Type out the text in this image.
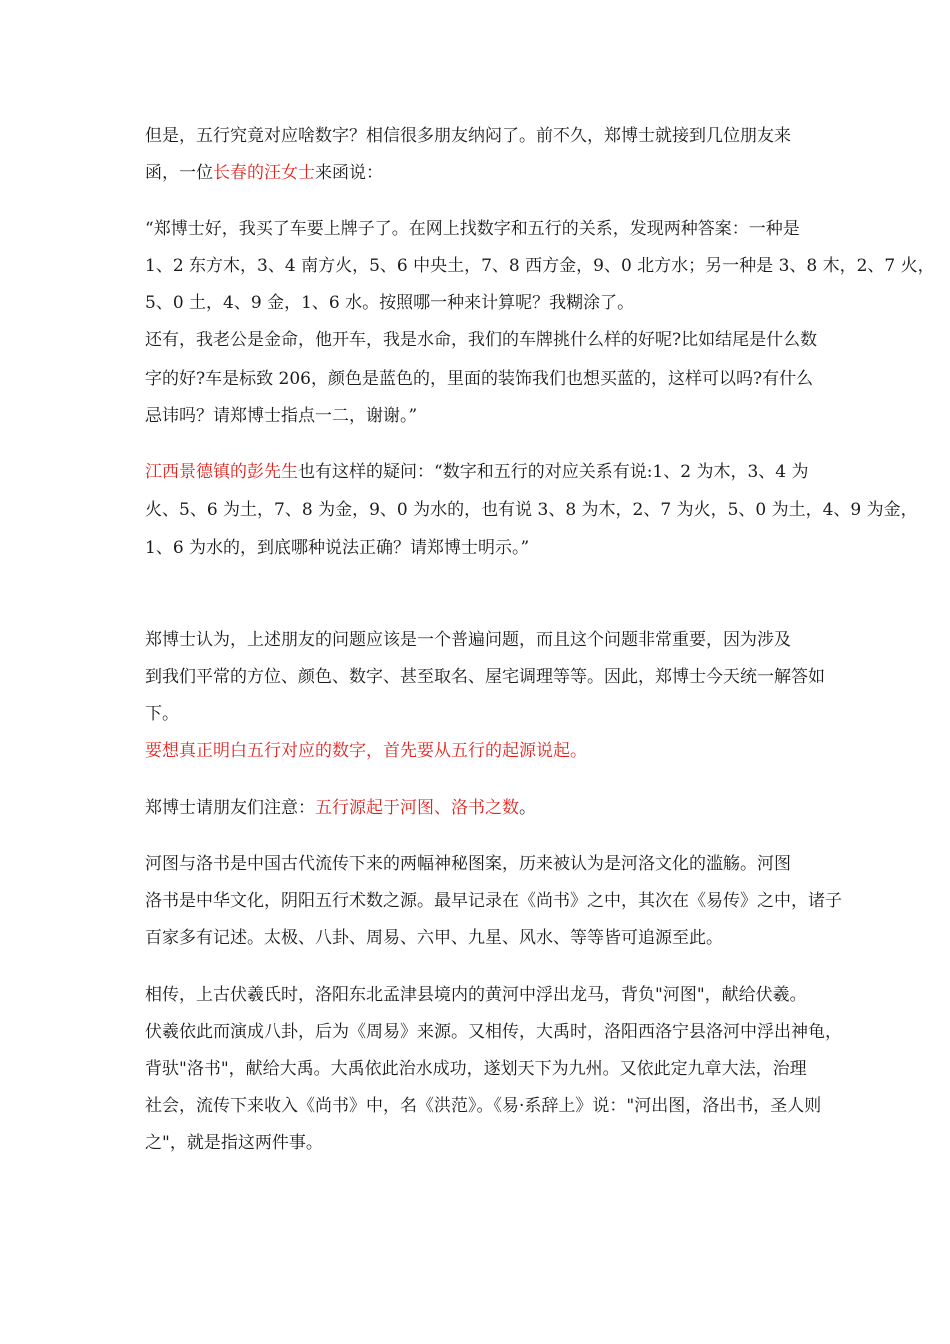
但是，五行究竟对应啥数字？相信很多朋友纳闷了。前不久，郑博士就接到几位朋友来
函，一位长春的汪女士来函说：
“郑博士好，我买了车要上牌子了。在网上找数字和五行的关系，发现两种答案：一种是
1、2 东方木，3、4 南方火，5、6 中央土，7、8 西方金，9、0 北方水；另一种是 3、8 木，2、7 火，
5、0 土，4、9 金，1、6 水。按照哪一种来计算呢？我糊涂了。
还有，我老公是金命，他开车，我是水命，我们的车牌挑什么样的好呢?比如结尾是什么数
字的好?车是标致 206，颜色是蓝色的，里面的装饰我们也想买蓝的，这样可以吗?有什么
忌讳吗？请郑博士指点一二，谢谢。”
江西景德镇的彭先生也有这样的疑问：“数字和五行的对应关系有说:1、2 为木，3、4 为
火、5、6 为土，7、8 为金，9、0 为水的，也有说 3、8 为木，2、7 为火，5、0 为土，4、9 为金，
1、6 为水的，到底哪种说法正确？请郑博士明示。”
郑博士认为，上述朋友的问题应该是一个普遍问题，而且这个问题非常重要，因为涉及
到我们平常的方位、颜色、数字、甚至取名、屋宅调理等等。因此，郑博士今天统一解答如
下。
要想真正明白五行对应的数字，首先要从五行的起源说起。
郑博士请朋友们注意：五行源起于河图、洛书之数。
河图与洛书是中国古代流传下来的两幅神秘图案，历来被认为是河洛文化的滥觞。河图
洛书是中华文化，阴阳五行术数之源。最早记录在《尚书》之中，其次在《易传》之中，诸子
百家多有记述。太极、八卦、周易、六甲、九星、风水、等等皆可追源至此。
相传，上古伏羲氏时，洛阳东北孟津县境内的黄河中浮出龙马，背负"河图"，献给伏羲。
伏羲依此而演成八卦，后为《周易》来源。又相传，大禹时，洛阳西洛宁县洛河中浮出神龟，
背驮"洛书"，献给大禹。大禹依此治水成功，遂划天下为九州。又依此定九章大法，治理
社会，流传下来收入《尚书》中，名《洪范》。《易·系辞上》说："河出图，洛出书，圣人则
之"，就是指这两件事。
